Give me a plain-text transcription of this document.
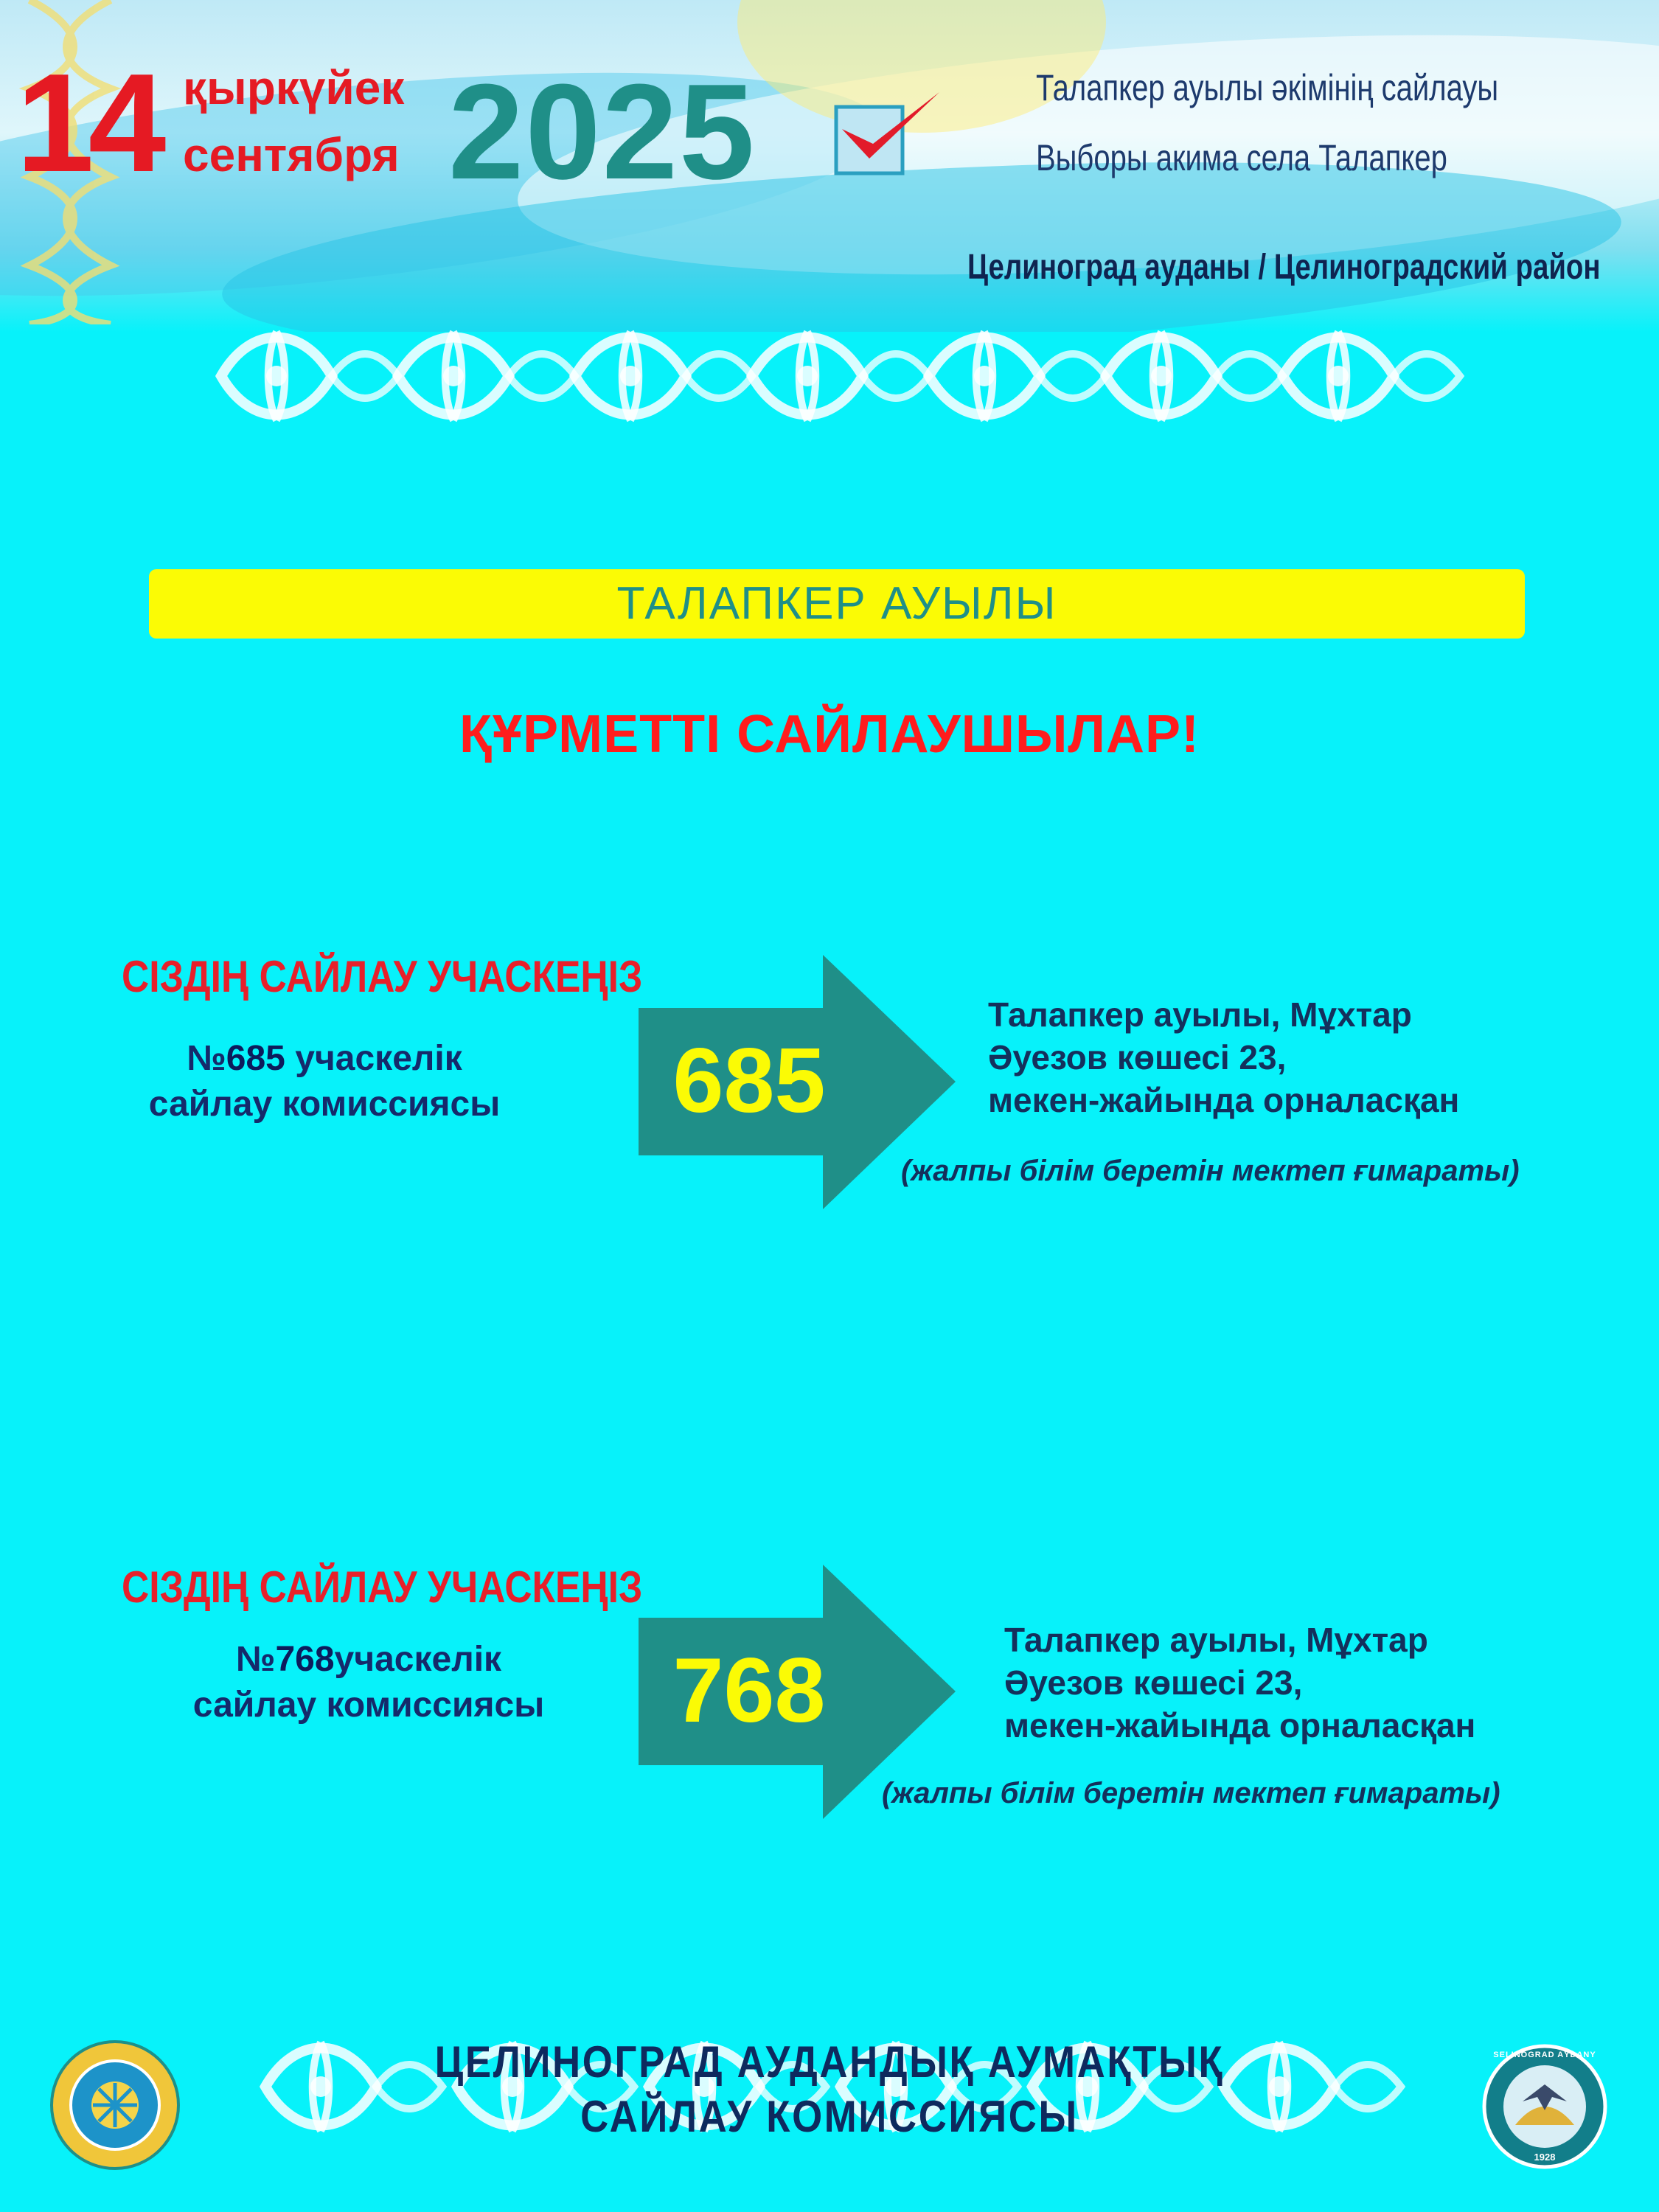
14 қыркүйек
сентября 2025	Талапкер ауылы әкімінің сайлауы
Выборы акима села Талапкер
Целиноград ауданы / Целиноградский район
ТАЛАПКЕР АУЫЛЫ
ҚҰРМЕТТІ САЙЛАУШЫЛАР!
СІЗДІҢ САЙЛАУ УЧАСКЕҢІЗ
№685 учаскелік
сайлау комиссиясы	685
Талапкер ауылы, Мұхтар
Әуезов көшесі 23,
мекен-жайында орналасқан
(жалпы білім беретін мектеп ғимараты)
СІЗДІҢ САЙЛАУ УЧАСКЕҢІЗ
№768учаскелік
сайлау комиссиясы	768	Талапкер ауылы, Мұхтар
Әуезов көшесі 23,
мекен-жайында орналасқан
(жалпы білім беретін мектеп ғимараты)
ЦЕЛИНОГРАД АУДАНДЫҚ АУМАҚТЫҚ
САЙЛАУ КОМИССИЯСЫ
SELINOGRAD AÝDANY
1928
